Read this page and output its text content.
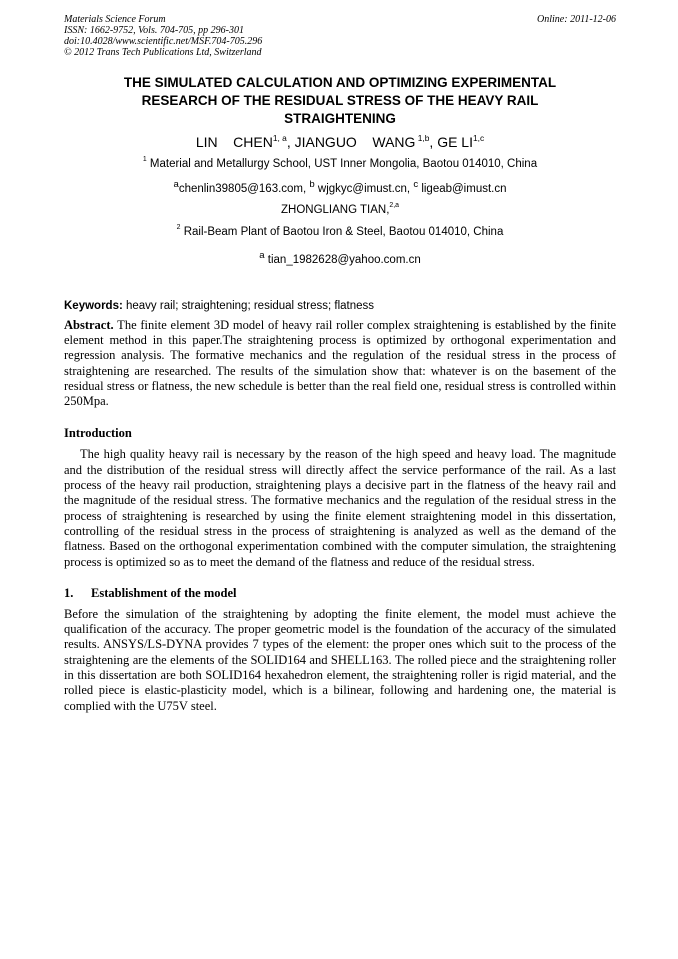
Materials Science Forum	Online: 2011-12-06
ISSN: 1662-9752, Vols. 704-705, pp 296-301
doi:10.4028/www.scientific.net/MSF.704-705.296
© 2012 Trans Tech Publications Ltd, Switzerland
THE SIMULATED CALCULATION AND OPTIMIZING EXPERIMENTAL
RESEARCH OF THE RESIDUAL STRESS OF THE HEAVY RAIL
STRAIGHTENING
LIN    CHEN$^{1, a}$, JIANGUO    WANG $^{1,b}$, GE LI$^{1,c}$
$^1$ Material and Metallurgy School, UST Inner Mongolia, Baotou 014010, China
$^a$chenlin39805@163.com, $^b$ wjgkyc@imust.cn, $^c$ ligeab@imust.cn
ZHONGLIANG TIAN,$^{2,a}$
$^2$ Rail-Beam Plant of Baotou Iron & Steel, Baotou 014010, China
$^a$ tian_1982628@yahoo.com.cn
Keywords: heavy rail; straightening; residual stress; flatness
Abstract. The finite element 3D model of heavy rail roller complex straightening is established by the finite element method in this paper.The straightening process is optimized by orthogonal experimentation and regression analysis. The formative mechanics and the regulation of the residual stress in the process of straightening are researched. The results of the simulation show that: whatever is on the basement of the residual stress or flatness, the new schedule is better than the real field one, residual stress is controlled within 250Mpa.
Introduction
The high quality heavy rail is necessary by the reason of the high speed and heavy load. The magnitude and the distribution of the residual stress will directly affect the service performance of the rail. As a last process of the heavy rail production, straightening plays a decisive part in the flatness of the heavy rail and the magnitude of the residual stress. The formative mechanics and the regulation of the residual stress in the process of straightening is researched by using the finite element straightening model in this dissertation, controlling of the residual stress in the process of straightening is analyzed as well as the demand of the flatness. Based on the orthogonal experimentation combined with the computer simulation, the straightening process is optimized so as to meet the demand of the flatness and reduce of the residual stress.
1. Establishment of the model
Before the simulation of the straightening by adopting the finite element, the model must achieve the qualification of the accuracy. The proper geometric model is the foundation of the accuracy of the simulated results. ANSYS/LS-DYNA provides 7 types of the element: the proper ones which suit to the process of the straightening are the elements of the SOLID164 and SHELL163. The rolled piece and the straightening roller in this dissertation are both SOLID164 hexahedron element, the straightening roller is rigid material, and the rolled piece is elastic-plasticity model, which is a bilinear, following and hardening one, the material is complied with the U75V steel.
